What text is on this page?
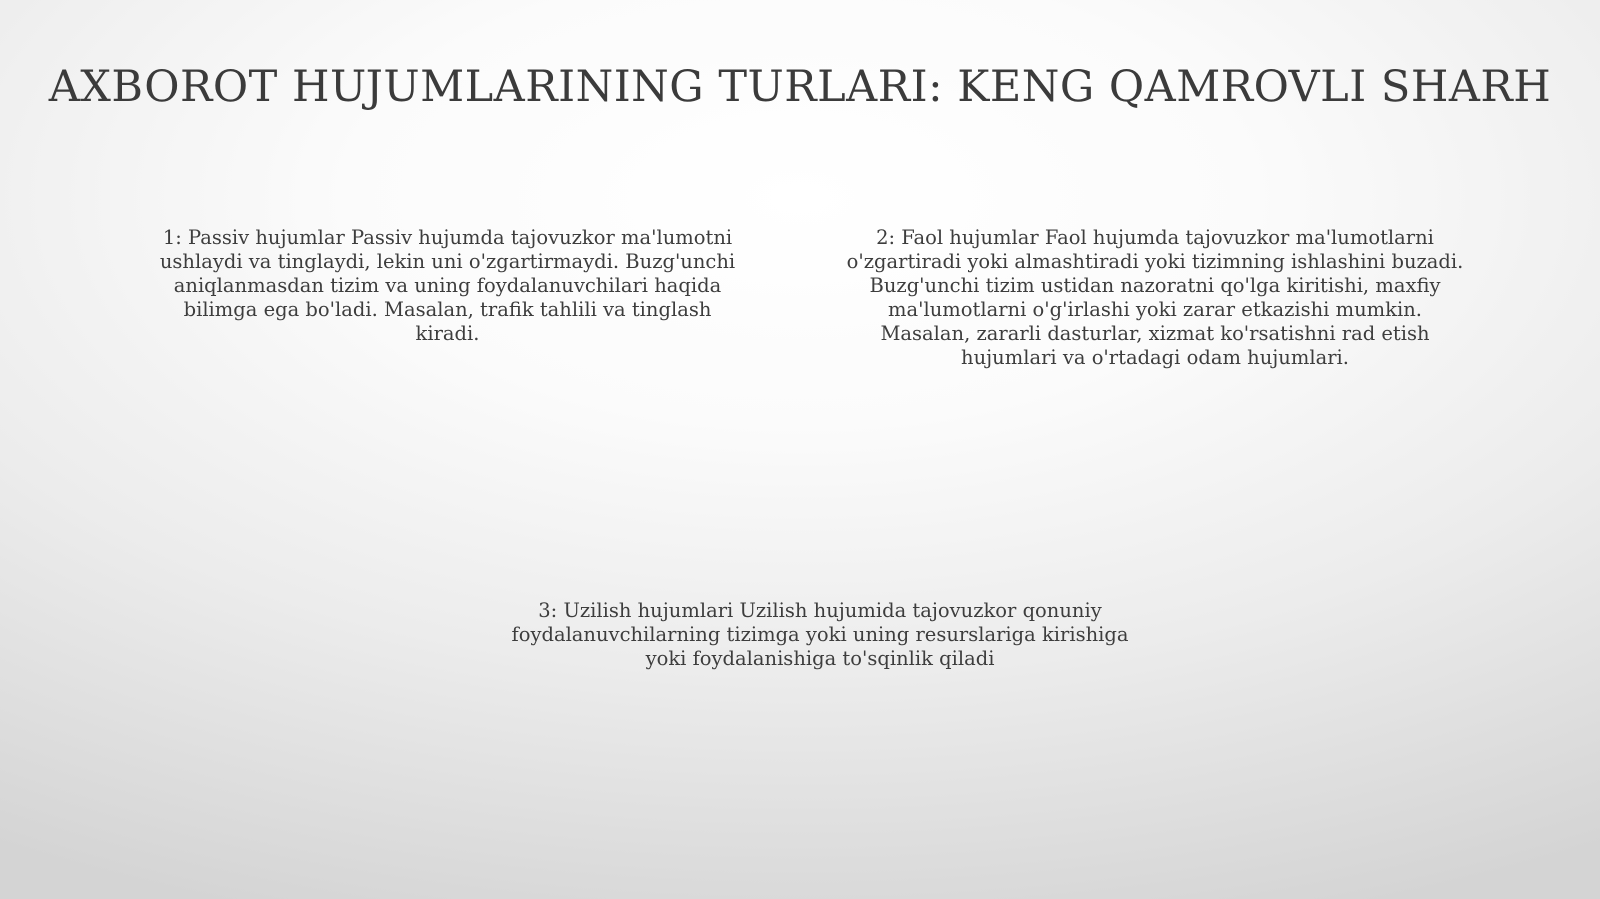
AXBOROT HUJUMLARINING TURLARI: KENG QAMROVLI SHARH
1: Passiv hujumlar Passiv hujumda tajovuzkor ma'lumotni ushlaydi va tinglaydi, lekin uni o'zgartirmaydi. Buzg'unchi aniqlanmasdan tizim va uning foydalanuvchilari haqida bilimga ega bo'ladi. Masalan, trafik tahlili va tinglash kiradi.
2: Faol hujumlar Faol hujumda tajovuzkor ma'lumotlarni o'zgartiradi yoki almashtiradi yoki tizimning ishlashini buzadi. Buzg'unchi tizim ustidan nazoratni qo'lga kiritishi, maxfiy ma'lumotlarni o'g'irlashi yoki zarar etkazishi mumkin. Masalan, zararli dasturlar, xizmat ko'rsatishni rad etish hujumlari va o'rtadagi odam hujumlari.
3: Uzilish hujumlari Uzilish hujumida tajovuzkor qonuniy foydalanuvchilarning tizimga yoki uning resurslariga kirishiga yoki foydalanishiga to'sqinlik qiladi
